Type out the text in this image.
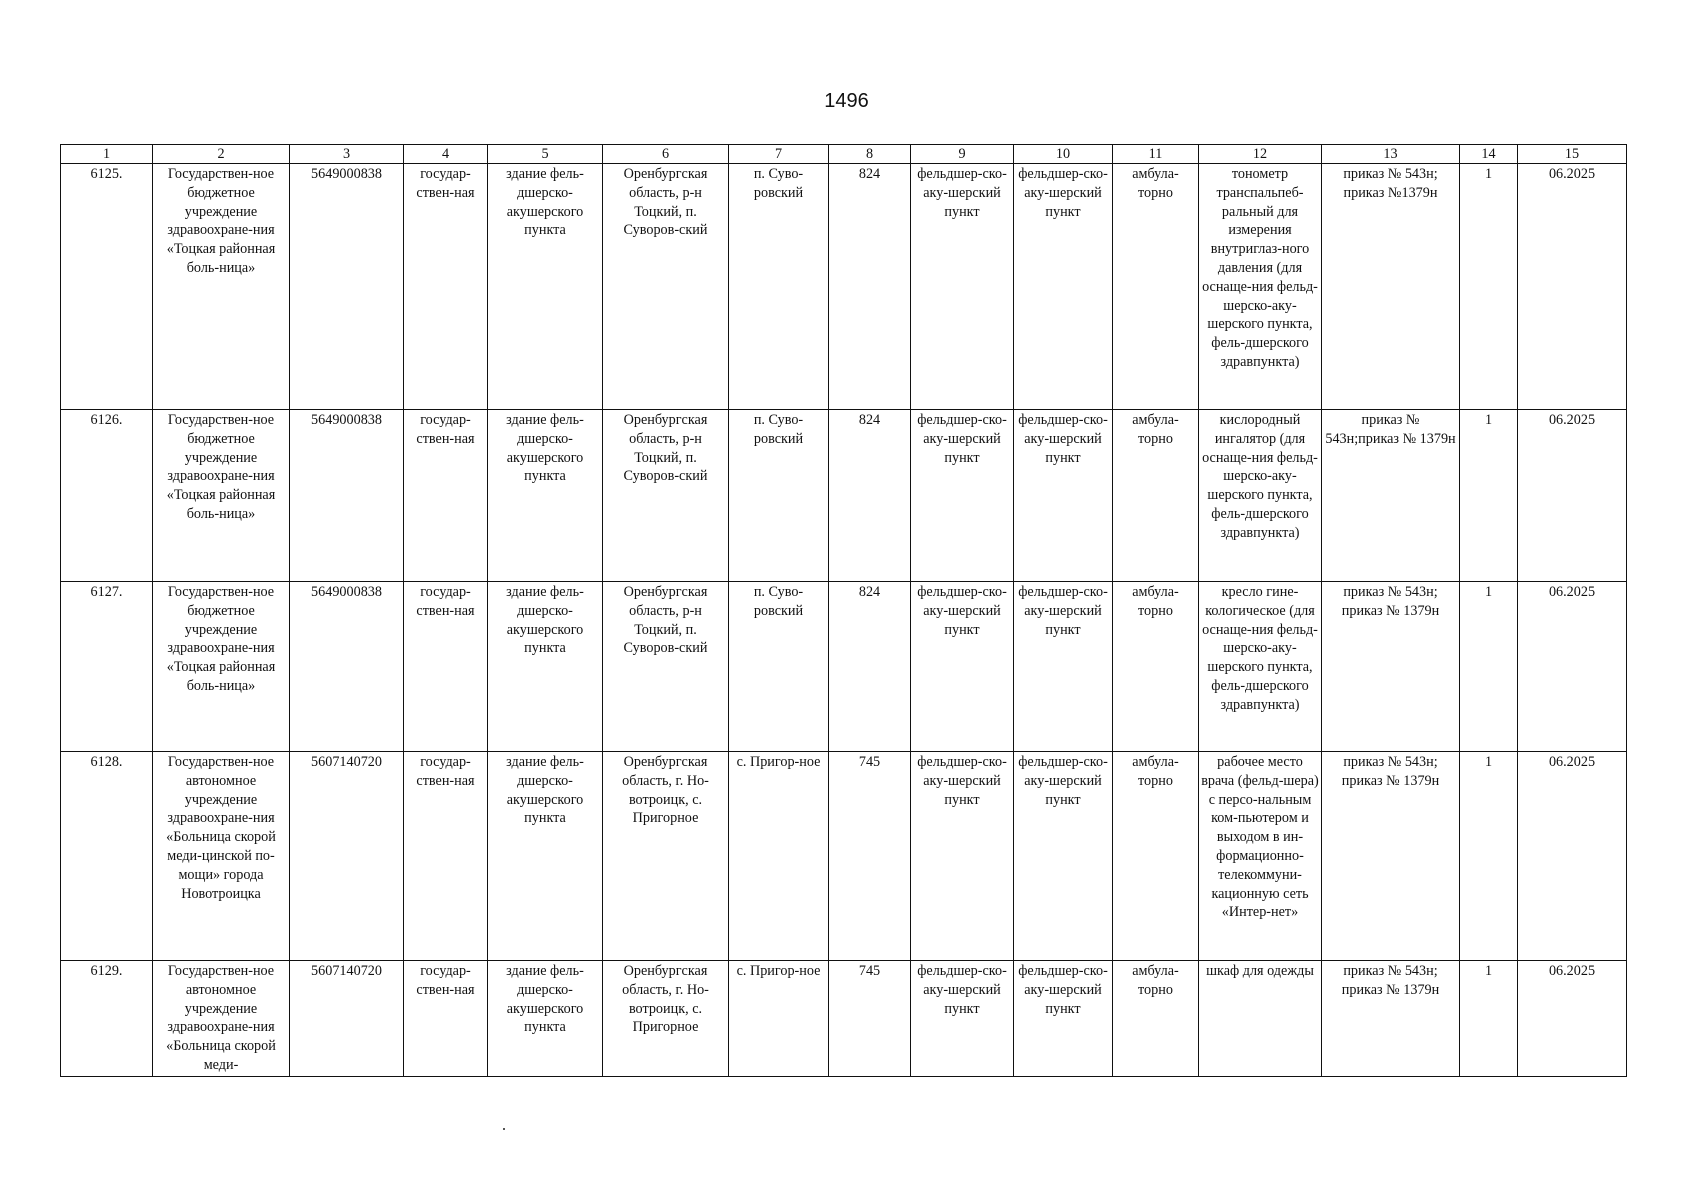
1496
1	2	3	4	5	6	7	8	9	10	11	12	13	14	15
6125.	Государствен-ное бюджетное учреждение здравоохране-ния «Тоцкая районная боль-ница»	5649000838	государ-ствен-ная	здание фель-дшерско-акушерского пункта	Оренбургская область, р-н Тоцкий, п. Суворов-ский	п. Суво-ровский	824	фельдшер-ско-аку-шерский пункт	фельдшер-ско-аку-шерский пункт	амбула-торно	тонометр транспальпеб-ральный для измерения внутриглаз-ного давления (для оснаще-ния фельд-шерско-аку-шерского пункта, фель-дшерского здравпункта)	приказ № 543н; приказ №1379н	1	06.2025
6126.	Государствен-ное бюджетное учреждение здравоохране-ния «Тоцкая районная боль-ница»	5649000838	государ-ствен-ная	здание фель-дшерско-акушерского пункта	Оренбургская область, р-н Тоцкий, п. Суворов-ский	п. Суво-ровский	824	фельдшер-ско-аку-шерский пункт	фельдшер-ско-аку-шерский пункт	амбула-торно	кислородный ингалятор (для оснаще-ния фельд-шерско-аку-шерского пункта, фель-дшерского здравпункта)	приказ № 543н;приказ № 1379н	1	06.2025
6127.	Государствен-ное бюджетное учреждение здравоохране-ния «Тоцкая районная боль-ница»	5649000838	государ-ствен-ная	здание фель-дшерско-акушерского пункта	Оренбургская область, р-н Тоцкий, п. Суворов-ский	п. Суво-ровский	824	фельдшер-ско-аку-шерский пункт	фельдшер-ско-аку-шерский пункт	амбула-торно	кресло гине-кологическое (для оснаще-ния фельд-шерско-аку-шерского пункта, фель-дшерского здравпункта)	приказ № 543н; приказ № 1379н	1	06.2025
6128.	Государствен-ное автономное учреждение здравоохране-ния «Больница скорой меди-цинской по-мощи» города Новотроицка	5607140720	государ-ствен-ная	здание фель-дшерско-акушерского пункта	Оренбургская область, г. Но-вотроицк, с. Пригорное	с. Пригор-ное	745	фельдшер-ско-аку-шерский пункт	фельдшер-ско-аку-шерский пункт	амбула-торно	рабочее место врача (фельд-шера) с персо-нальным ком-пьютером и выходом в ин-формационно-телекоммуни-кационную сеть «Интер-нет»	приказ № 543н; приказ № 1379н	1	06.2025
6129.	Государствен-ное автономное учреждение здравоохране-ния «Больница скорой меди-	5607140720	государ-ствен-ная	здание фель-дшерско-акушерского пункта	Оренбургская область, г. Но-вотроицк, с. Пригорное	с. Пригор-ное	745	фельдшер-ско-аку-шерский пункт	фельдшер-ско-аку-шерский пункт	амбула-торно	шкаф для одежды	приказ № 543н; приказ № 1379н	1	06.2025
